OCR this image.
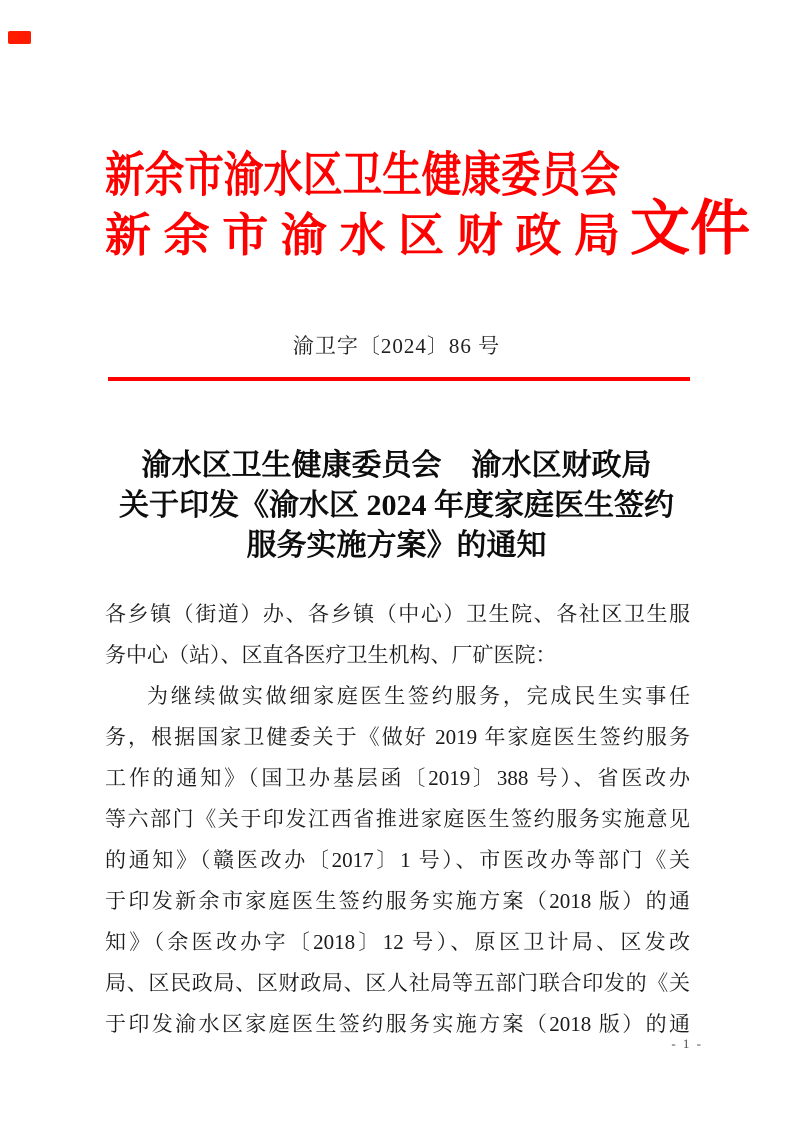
新余市渝水区卫生健康委员会
新余市渝水区财政局 文件
渝卫字〔2024〕86 号
渝水区卫生健康委员会　渝水区财政局
关于印发《渝水区 2024 年度家庭医生签约
服务实施方案》的通知
各乡镇（街道）办、各乡镇（中心）卫生院、各社区卫生服
务中心（站）、区直各医疗卫生机构、厂矿医院：
为继续做实做细家庭医生签约服务，完成民生实事任
务，根据国家卫健委关于《做好 2019 年家庭医生签约服务
工作的通知》（国卫办基层函〔2019〕388 号）、省医改办
等六部门《关于印发江西省推进家庭医生签约服务实施意见
的通知》（赣医改办〔2017〕1 号）、市医改办等部门《关
于印发新余市家庭医生签约服务实施方案（2018 版）的通
知》（余医改办字〔2018〕12 号）、原区卫计局、区发改
局、区民政局、区财政局、区人社局等五部门联合印发的《关
于印发渝水区家庭医生签约服务实施方案（2018 版）的通
- 1 -
